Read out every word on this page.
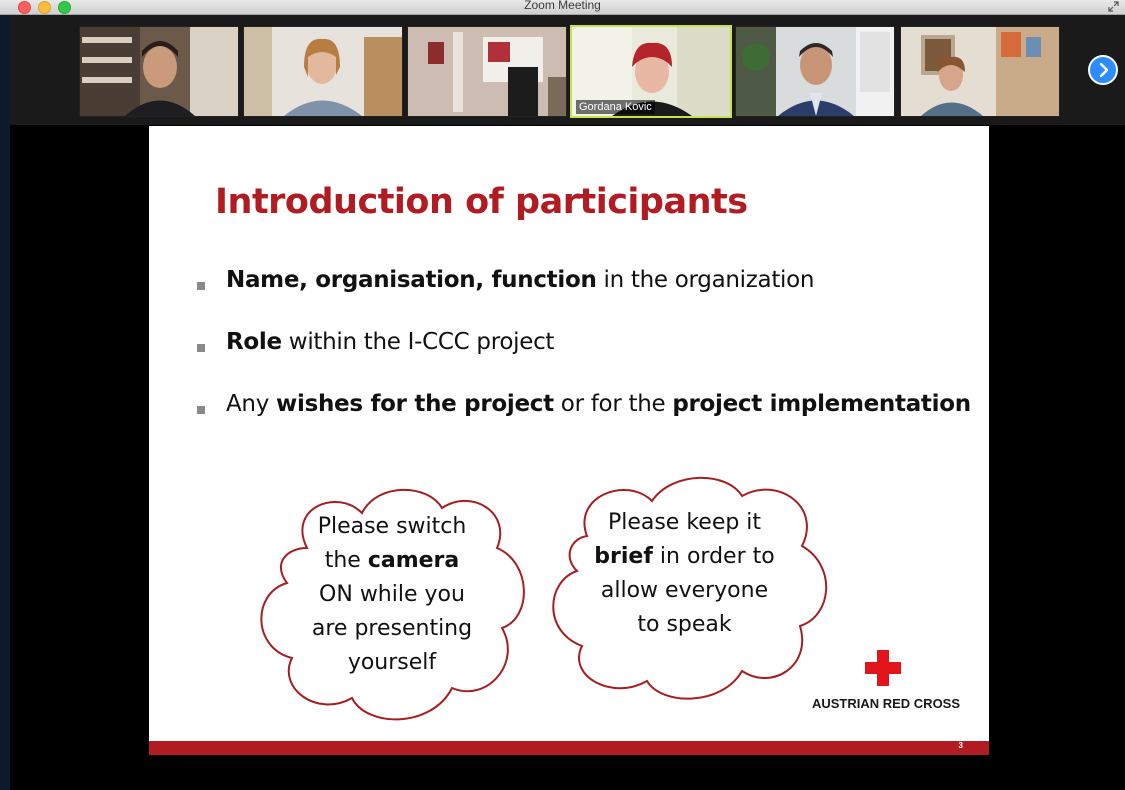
Zoom Meeting
Gordana Kovic
Introduction of participants
Name, organisation, function in the organization
Role within the I-CCC project
Any wishes for the project or for the project implementation
Please switch
the camera
ON while you
are presenting
yourself
Please keep it
brief in order to
allow everyone
to speak
AUSTRIAN RED CROSS
3
